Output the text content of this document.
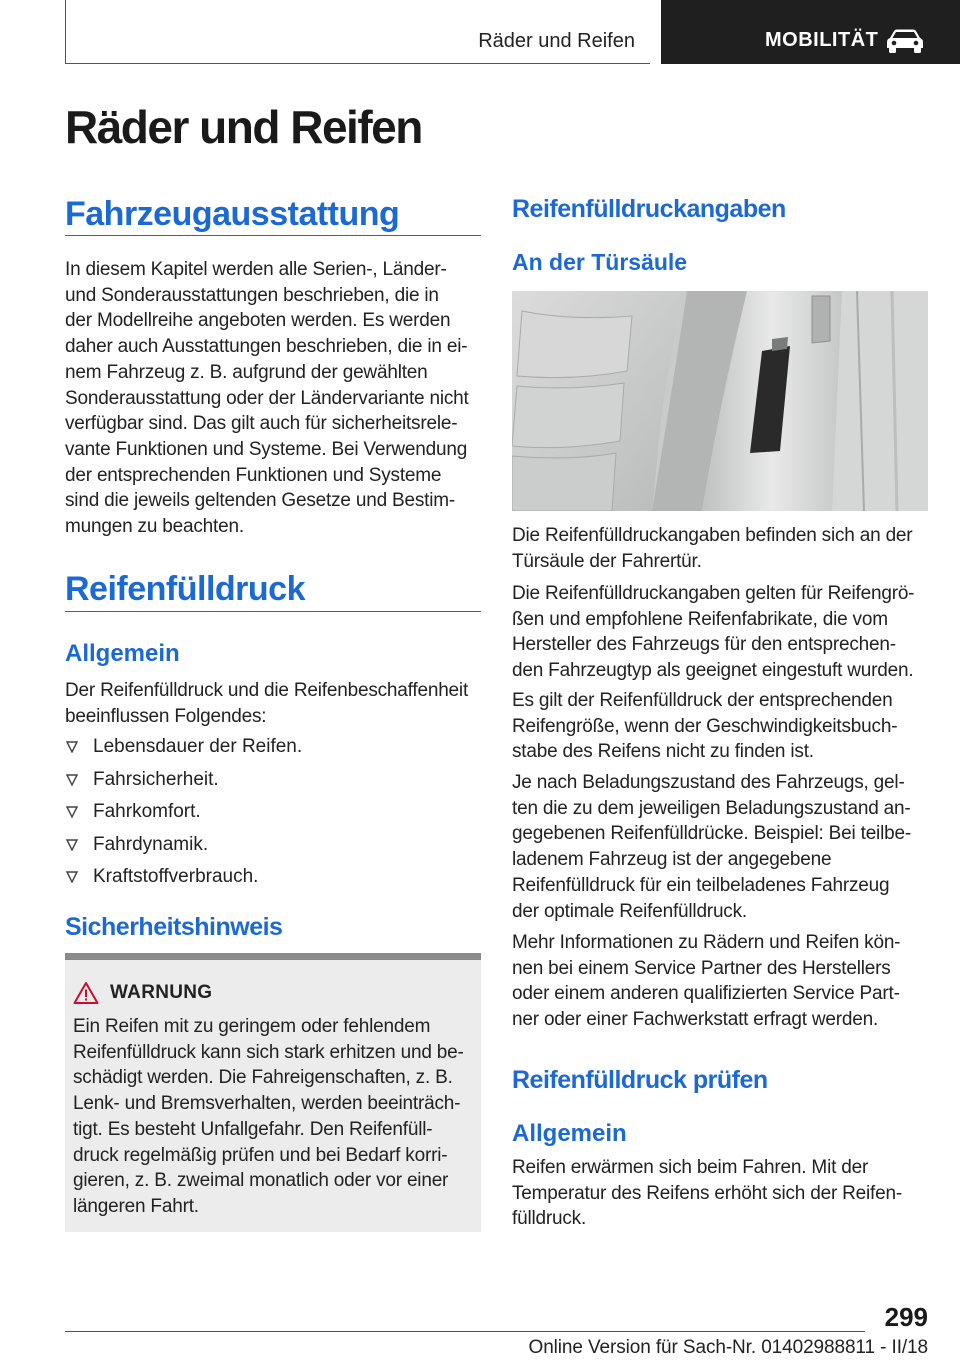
Räder und Reifen	MOBILITÄT
Räder und Reifen
Fahrzeugausstattung
In diesem Kapitel werden alle Serien-, Länder-
und Sonderausstattungen beschrieben, die in
der Modellreihe angeboten werden. Es werden
daher auch Ausstattungen beschrieben, die in ei-
nem Fahrzeug z. B. aufgrund der gewählten
Sonderausstattung oder der Ländervariante nicht
verfügbar sind. Das gilt auch für sicherheitsrele-
vante Funktionen und Systeme. Bei Verwendung
der entsprechenden Funktionen und Systeme
sind die jeweils geltenden Gesetze und Bestim-
mungen zu beachten.
Reifenfülldruck
Allgemein
Der Reifenfülldruck und die Reifenbeschaffenheit
beeinflussen Folgendes:
Lebensdauer der Reifen.
Fahrsicherheit.
Fahrkomfort.
Fahrdynamik.
Kraftstoffverbrauch.
Sicherheitshinweis
WARNUNG
Ein Reifen mit zu geringem oder fehlendem
Reifenfülldruck kann sich stark erhitzen und be-
schädigt werden. Die Fahreigenschaften, z. B.
Lenk- und Bremsverhalten, werden beeinträch-
tigt. Es besteht Unfallgefahr. Den Reifenfüll-
druck regelmäßig prüfen und bei Bedarf korri-
gieren, z. B. zweimal monatlich oder vor einer
längeren Fahrt.
Reifenfülldruckangaben
An der Türsäule
Die Reifenfülldruckangaben befinden sich an der
Türsäule der Fahrertür.
Die Reifenfülldruckangaben gelten für Reifengrö-
ßen und empfohlene Reifenfabrikate, die vom
Hersteller des Fahrzeugs für den entsprechen-
den Fahrzeugtyp als geeignet eingestuft wurden.
Es gilt der Reifenfülldruck der entsprechenden
Reifengröße, wenn der Geschwindigkeitsbuch-
stabe des Reifens nicht zu finden ist.
Je nach Beladungszustand des Fahrzeugs, gel-
ten die zu dem jeweiligen Beladungszustand an-
gegebenen Reifenfülldrücke. Beispiel: Bei teilbe-
ladenem Fahrzeug ist der angegebene
Reifenfülldruck für ein teilbeladenes Fahrzeug
der optimale Reifenfülldruck.
Mehr Informationen zu Rädern und Reifen kön-
nen bei einem Service Partner des Herstellers
oder einem anderen qualifizierten Service Part-
ner oder einer Fachwerkstatt erfragt werden.
Reifenfülldruck prüfen
Allgemein
Reifen erwärmen sich beim Fahren. Mit der
Temperatur des Reifens erhöht sich der Reifen-
fülldruck.
299
Online Version für Sach-Nr. 01402988811 - II/18
